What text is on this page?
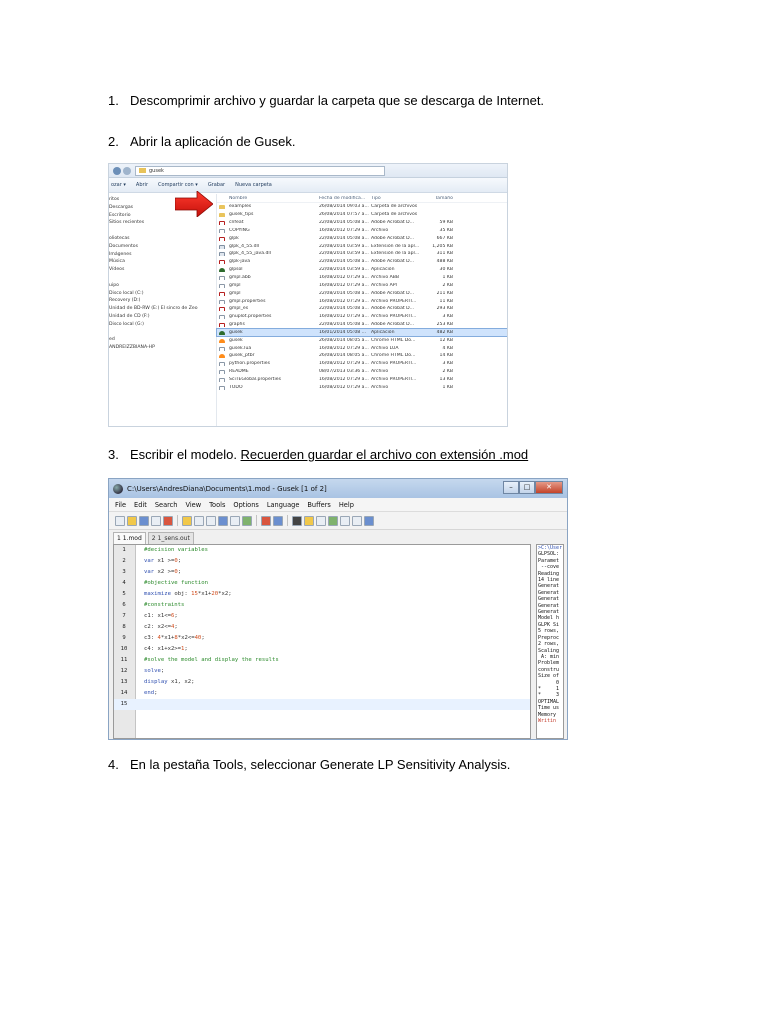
1. Descomprimir archivo y guardar la carpeta que se descarga de Internet.
2. Abrir la aplicación de Gusek.
3. Escribir el modelo. Recuerden guardar el archivo con extensión .mod
4. En la pestaña Tools, seleccionar Generate LP Sensitivity Analysis.
gusek
ozar ▾ Abrir Compartir con ▾ Grabar Nueva carpeta
ritos
Descargas
Escritorio
Sitios recientes
oliotecas
Documentos
Imágenes
Música
Vídeos
uipo
Disco local (C:)
Recovery (D:)
Unidad de BD-RW (E:) El sincro de Zeo
Unidad de CD (F:)
Disco local (G:)
ed
ANDREIZZBIANA-HP
Nombre	Fecha de modifica...	Tipo	Tamaño
examples	26/08/2014 09:03 a... Carpeta de archivos
gusek_tips	26/08/2014 07:57 a... Carpeta de archivos
cnfeat	22/08/2014 05:08 a... Adobe Acrobat D...	59 KB
COPYING	16/08/2012 07:29 a... Archivo	35 KB
glpk	22/08/2014 05:08 a... Adobe Acrobat D...	667 KB
glpk_4_55.dll	22/08/2014 03:59 a... Extensión de la apl...	1,205 KB
glpk_4_55_java.dll	22/08/2014 03:59 a... Extensión de la apl...	311 KB
glpk-java	22/08/2014 05:08 a... Adobe Acrobat D...	488 KB
glpsol	22/08/2014 03:59 a... Aplicación	30 KB
gmpl.abb	16/08/2012 07:29 a... Archivo ABB	1 KB
gmpl	16/08/2012 07:29 a... Archivo API	2 KB
gmpl	22/08/2014 05:08 a... Adobe Acrobat D...	211 KB
gmpl.properties	16/08/2012 07:29 a... Archivo PROPERTI...	11 KB
gmpl_es	22/08/2014 05:08 a... Adobe Acrobat D...	293 KB
gnuplot.properties	16/08/2012 07:29 a... Archivo PROPERTI...	3 KB
graphs	22/08/2014 05:08 a... Adobe Acrobat D...	253 KB
gusek	16/01/2014 05:08 ...	Aplicación	482 KB
gusek	26/08/2014 08:05 a... Chrome HTML Do...	12 KB
gusek.lua	16/08/2012 07:29 a... Archivo LUA	4 KB
gusek_ptbr	26/08/2014 08:05 a... Chrome HTML Do...	14 KB
python.properties	16/08/2012 07:29 a... Archivo PROPERTI...	3 KB
README	08/07/2013 03:36 a... Archivo	2 KB
SciTEGlobal.properties	16/08/2012 07:29 a... Archivo PROPERTI...	13 KB
TODO	16/08/2012 07:29 a... Archivo	1 KB
C:\Users\AndresDiana\Documents\1.mod - Gusek [1 of 2]	–	□	✕
File Edit Search View Tools Options Language Buffers Help
1 1.mod	2 1_sens.out
1	#decision variables
2	var x1 >=0;
3	var x2 >=0;
4	#objective function
5	maximize obj: 15*x1+20*x2;
6	#constraints
7	c1: x1<=6;
8	c2: x2<=4;
9	c3: 4*x1+8*x2<=40;
10	c4: x1+x2>=1;
11	#solve the model and display the results
12	solve;
13	display x1, x2;
14	end;
15
>C:\User
GLPSOL:
Paramet
--cove
Reading
14 line
Generat
Generat
Generat
Generat
Generat
Model h
GLPK Si
5 rows,
Preproc
2 rows,
Scaling
A: min
Problem
constru
Size of
0
*     1
*     3
OPTIMAL
Time us
Memory
Writin
